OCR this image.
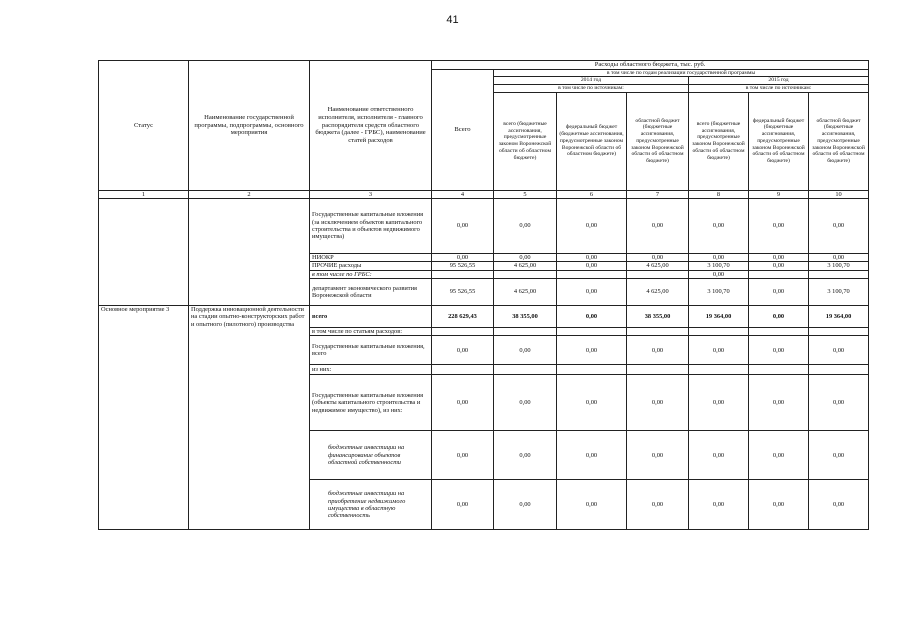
41
Статус	Наименование государственной программы, подпрограммы, основного мероприятия	Наименование ответственного исполнителя, исполнителя - главного распорядителя средств областного бюджета (далее - ГРБС), наименование статей расходов	Расходы областного бюджета, тыс. руб.						
			Всего	в том числе по годам реализации государственной программы					
				2014 год			2015 год		
				в том числе по источникам:			в том числе по источникам:		
				всего (бюджетные ассигнования, предусмотренные законом Воронежской области об областном бюджете)	федеральный бюджет (бюджетные ассигнования, предусмотренные законом Воронежской области об областном бюджете)	областной бюджет (бюджетные ассигнования, предусмотренные законом Воронежской области об областном бюджете)	всего (бюджетные ассигнования, предусмотренные законом Воронежской области об областном бюджете)	федеральный бюджет (бюджетные ассигнования, предусмотренные законом Воронежской области об областном бюджете)	областной бюджет (бюджетные ассигнования, предусмотренные законом Воронежской области об областном бюджете)
1	2	3	4	5	6	7	8	9	10
		Государственные капитальные вложения (за исключением объектов капитального строительства и объектов недвижимого имущества)	0,00	0,00	0,00	0,00	0,00	0,00	0,00
		НИОКР	0,00	0,00	0,00	0,00	0,00	0,00	0,00
		ПРОЧИЕ расходы	95 526,55	4 625,00	0,00	4 625,00	3 100,70	0,00	3 100,70
		в том числе по ГРБС:					0,00		
		департамент экономического развития Воронежской области	95 526,55	4 625,00	0,00	4 625,00	3 100,70	0,00	3 100,70
Основное мероприятие 3	Поддержка инновационной деятельности на стадии опытно-конструкторских работ и опытного (пилотного) производства	всего	228 629,43	38 355,00	0,00	38 355,00	19 364,00	0,00	19 364,00
		в том числе по статьям расходов:							
		Государственные капитальные вложения, всего	0,00	0,00	0,00	0,00	0,00	0,00	0,00
		из них:							
		Государственные капитальные вложения (объекты капитального строительства и недвижимое имущество), из них:	0,00	0,00	0,00	0,00	0,00	0,00	0,00
		бюджетные инвестиции на финансирование объектов областной собственности	0,00	0,00	0,00	0,00	0,00	0,00	0,00
		бюджетные инвестиции на приобретение недвижимого имущества в областную собственность	0,00	0,00	0,00	0,00	0,00	0,00	0,00
